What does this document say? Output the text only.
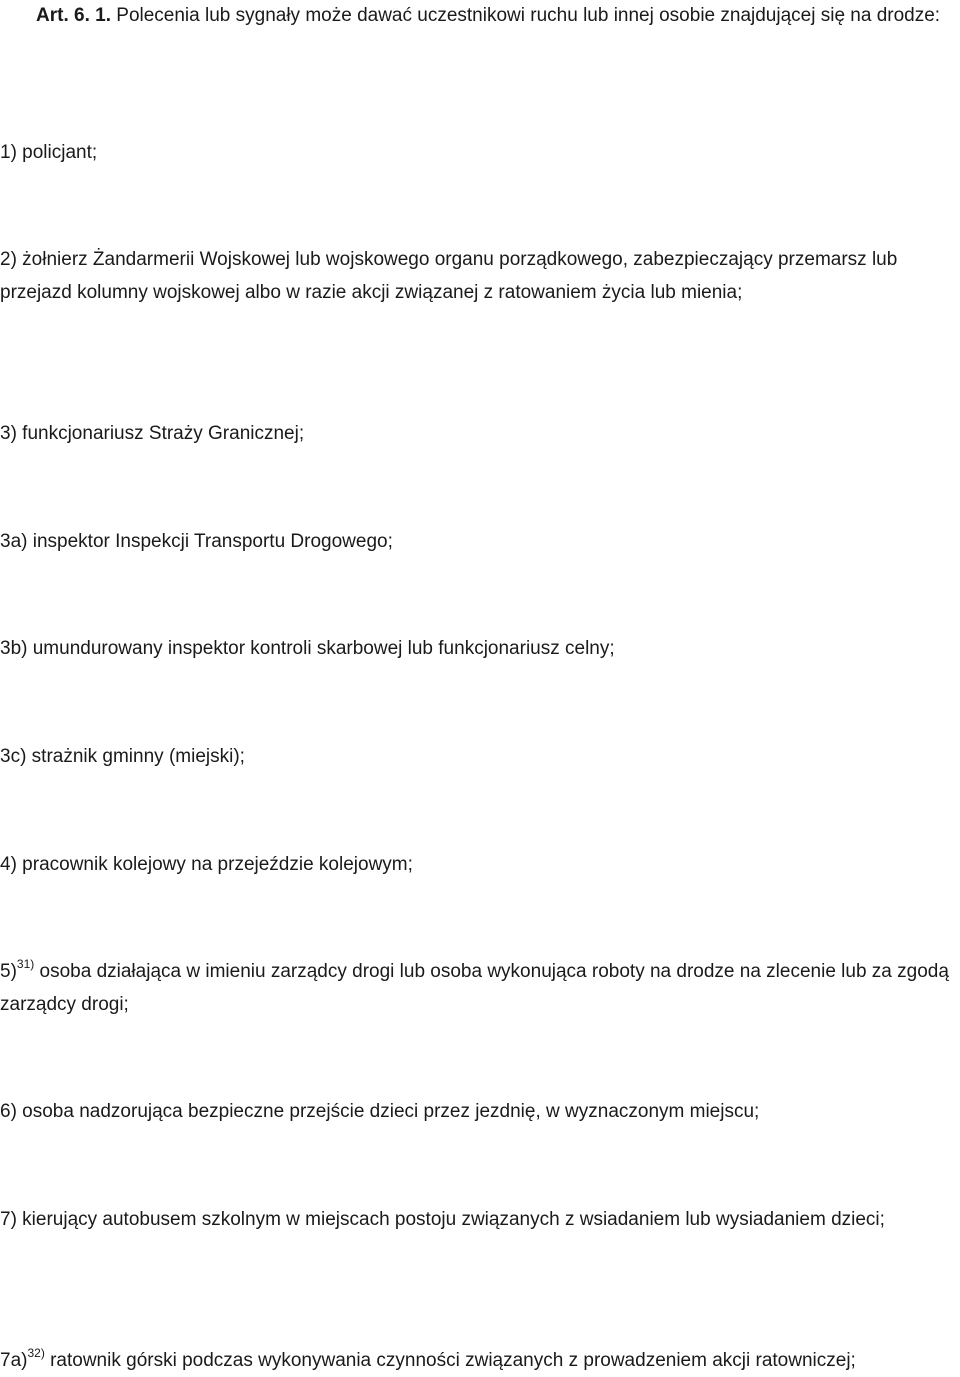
Art. 6. 1. Polecenia lub sygnały może dawać uczestnikowi ruchu lub innej osobie znajdującej się na drodze:

1) policjant;

2) żołnierz Żandarmerii Wojskowej lub wojskowego organu porządkowego, zabezpieczający przemarsz lub przejazd kolumny wojskowej albo w razie akcji związanej z ratowaniem życia lub mienia;

3) funkcjonariusz Straży Granicznej;

3a) inspektor Inspekcji Transportu Drogowego;

3b) umundurowany inspektor kontroli skarbowej lub funkcjonariusz celny;

3c) strażnik gminny (miejski);

4) pracownik kolejowy na przejeździe kolejowym;

5)$^{31)}$ osoba działająca w imieniu zarządcy drogi lub osoba wykonująca roboty na drodze na zlecenie lub za zgodą zarządcy drogi;

6) osoba nadzorująca bezpieczne przejście dzieci przez jezdnię, w wyznaczonym miejscu;

7) kierujący autobusem szkolnym w miejscach postoju związanych z wsiadaniem lub wysiadaniem dzieci;

7a)$^{32)}$ ratownik górski podczas wykonywania czynności związanych z prowadzeniem akcji ratowniczej;
